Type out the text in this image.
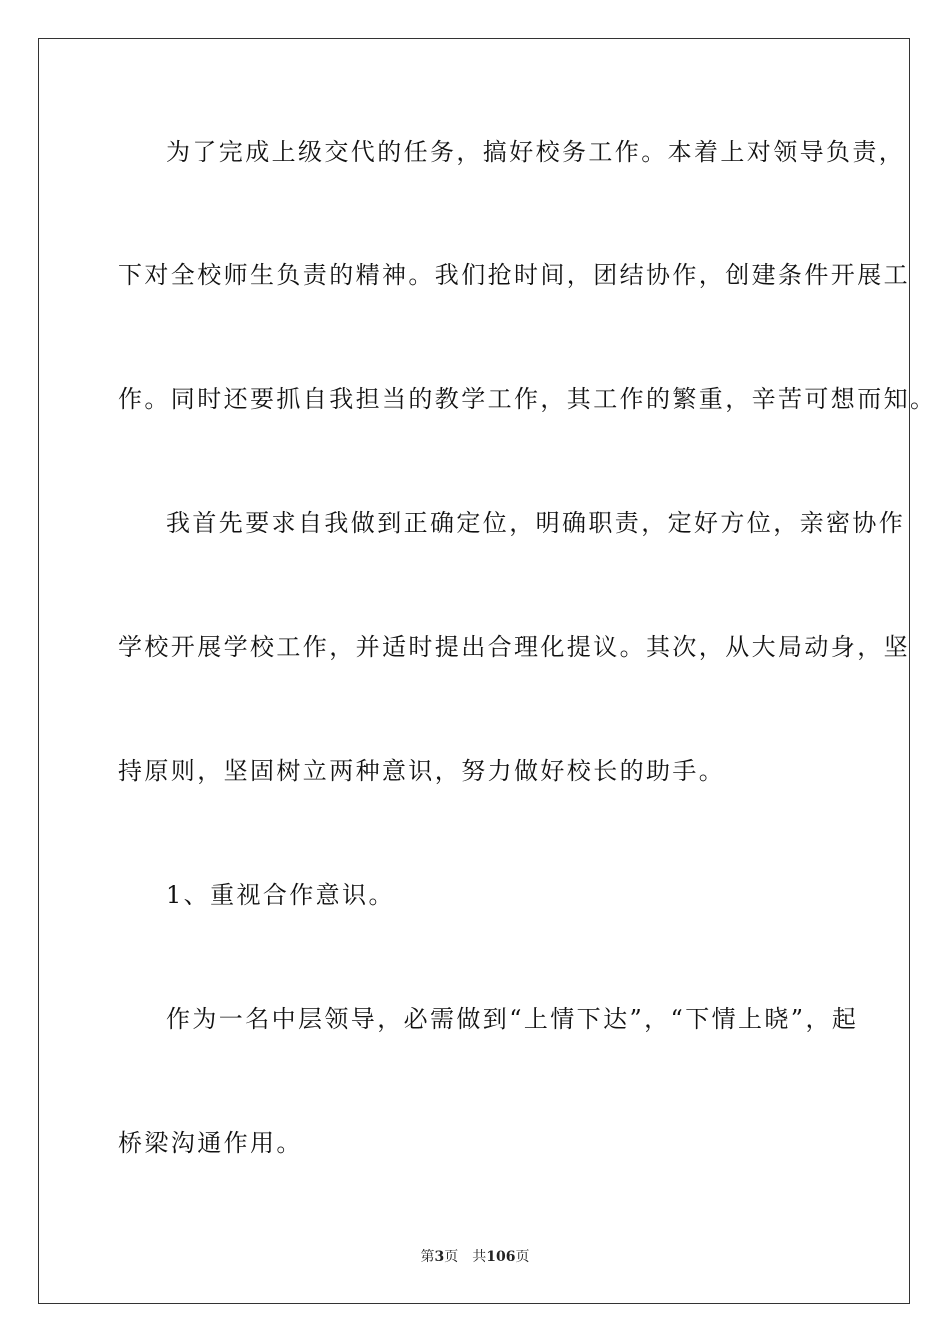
为了完成上级交代的任务，搞好校务工作。本着上对领导负责，
下对全校师生负责的精神。我们抢时间，团结协作，创建条件开展工
作。同时还要抓自我担当的教学工作，其工作的繁重，辛苦可想而知。
我首先要求自我做到正确定位，明确职责，定好方位，亲密协作
学校开展学校工作，并适时提出合理化提议。其次，从大局动身，坚
持原则，坚固树立两种意识，努力做好校长的助手。
1、重视合作意识。
作为一名中层领导，必需做到“上情下达”，“下情上晓”，起
桥梁沟通作用。
第3页 共106页
